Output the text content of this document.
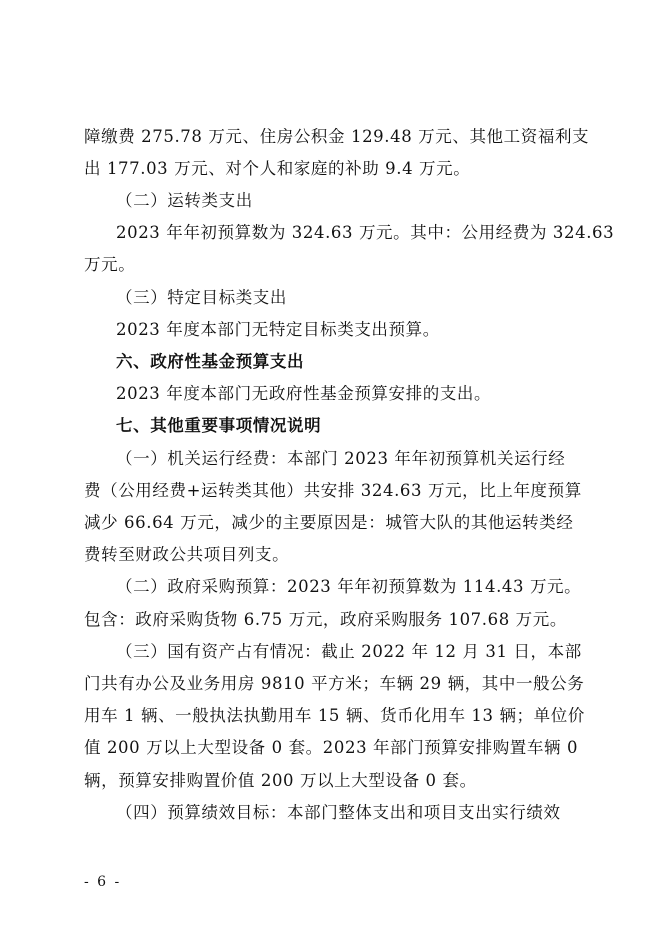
障缴费 275.78 万元、住房公积金 129.48 万元、其他工资福利支
出 177.03 万元、对个人和家庭的补助 9.4 万元。
（二）运转类支出
2023 年年初预算数为 324.63 万元。其中：公用经费为 324.63
万元。
（三）特定目标类支出
2023 年度本部门无特定目标类支出预算。
六、政府性基金预算支出
2023 年度本部门无政府性基金预算安排的支出。
七、其他重要事项情况说明
（一）机关运行经费：本部门 2023 年年初预算机关运行经
费（公用经费+运转类其他）共安排 324.63 万元，比上年度预算
减少 66.64 万元，减少的主要原因是：城管大队的其他运转类经
费转至财政公共项目列支。
（二）政府采购预算：2023 年年初预算数为 114.43 万元。
包含：政府采购货物 6.75 万元，政府采购服务 107.68 万元。
（三）国有资产占有情况：截止 2022 年 12 月 31 日，本部
门共有办公及业务用房 9810 平方米；车辆 29 辆，其中一般公务
用车 1 辆、一般执法执勤用车 15 辆、货币化用车 13 辆；单位价
值 200 万以上大型设备 0 套。2023 年部门预算安排购置车辆 0
辆，预算安排购置价值 200 万以上大型设备 0 套。
（四）预算绩效目标：本部门整体支出和项目支出实行绩效
- 6 -
